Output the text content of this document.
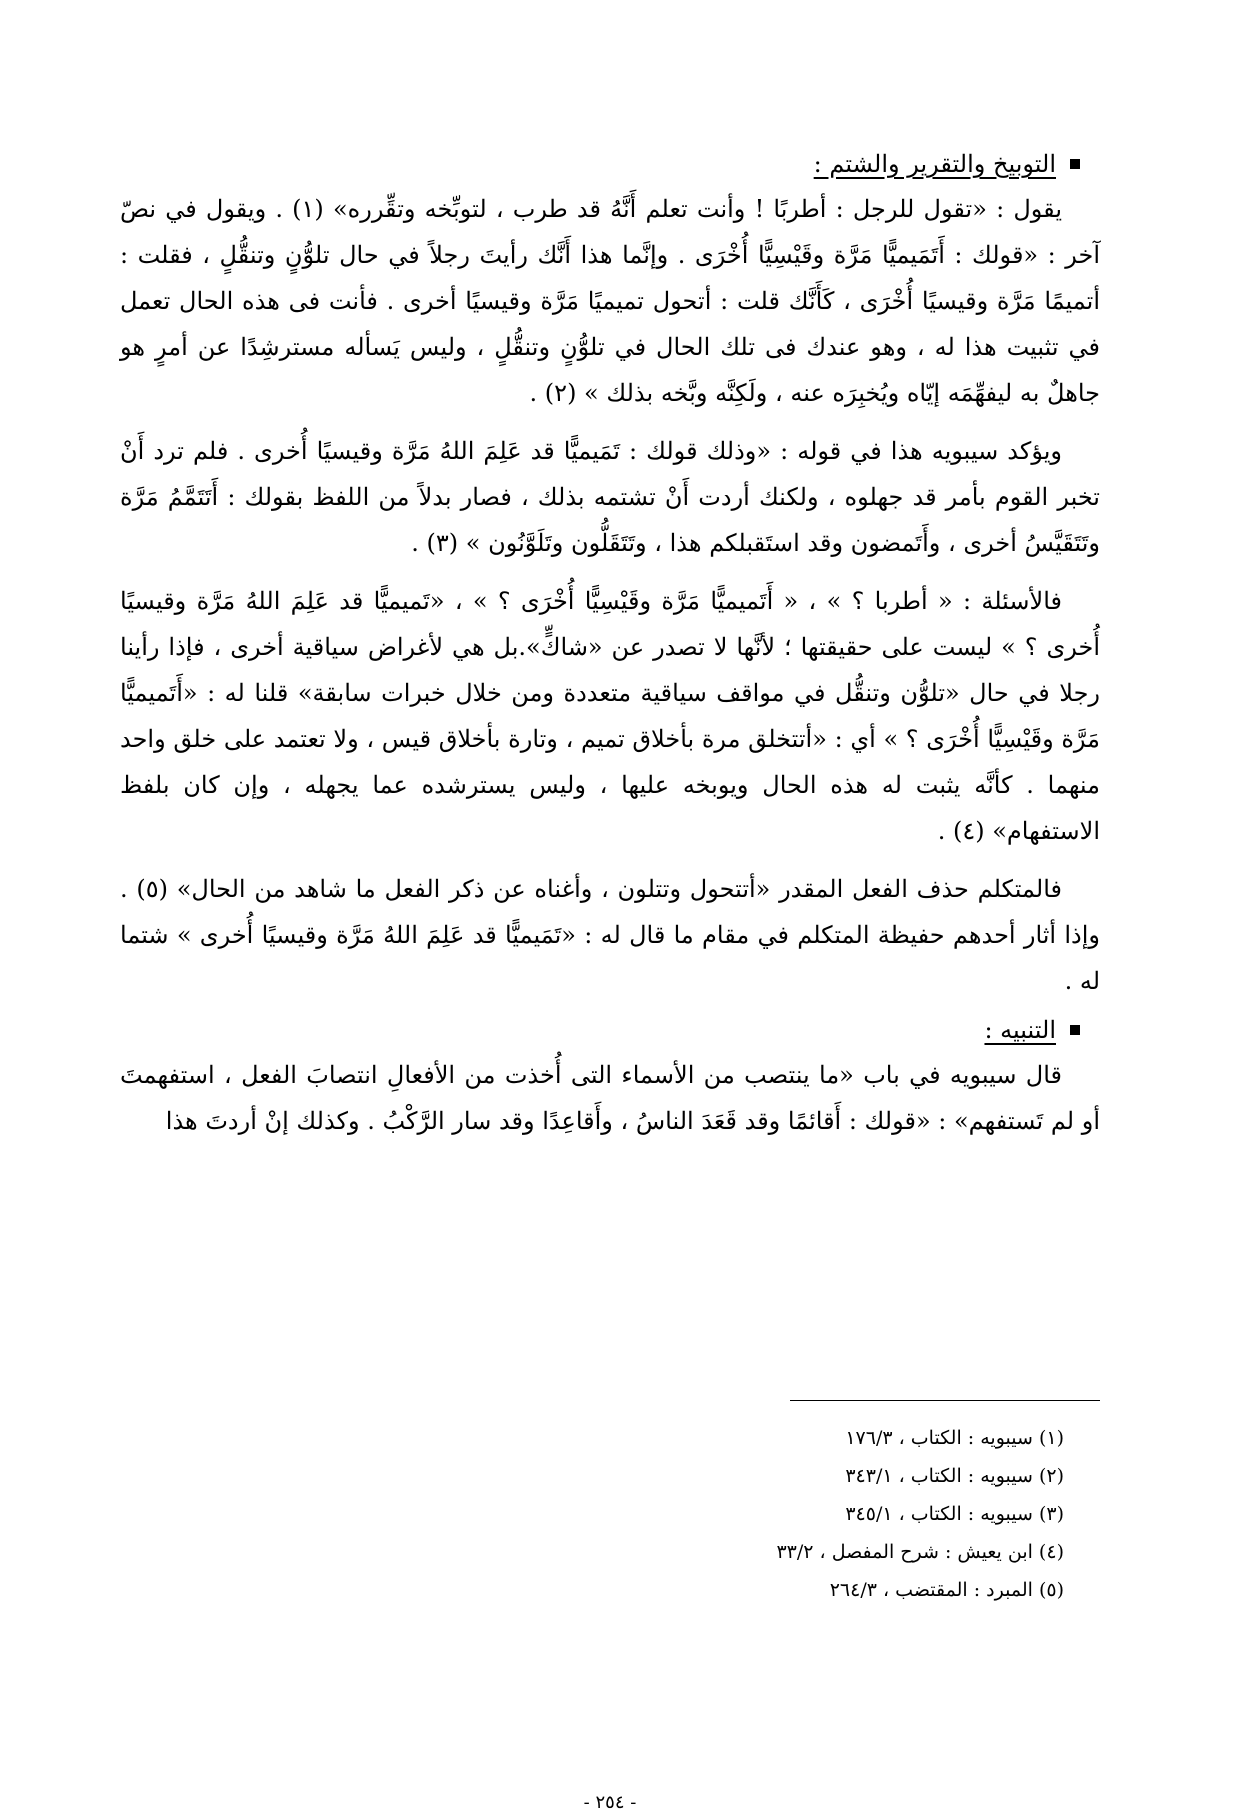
التوبيخ والتقرير والشتم :

يقول : «تقول للرجل : أطربًا ! وأنت تعلم أَنَّهُ قد طرب ، لتوبِّخه وتقِّرره» (١) . ويقول في نصّ آخر : «قولك : أَتَمَيميًّا مَرَّة وقَيْسِيًّا أُخْرَى . وإنَّما هذا أَنَّك رأيتَ رجلاً في حال تلوُّنٍ وتنقُّلٍ ، فقلت : أتميمًا مَرَّة وقيسيًا أُخْرَى ، كَأَنَّك قلت : أتحول تميميًا مَرَّة وقيسيًا أخرى . فأنت فى هذه الحال تعمل في تثبيت هذا له ، وهو عندك فى تلك الحال في تلوُّنٍ وتنقُّلٍ ، وليس يَسأله مسترشِدًا عن أمرٍ هو جاهلٌ به ليفهِّمَه إيّاه ويُخبِرَه عنه ، ولَكِنَّه وبَّخه بذلك » (٢) .

ويؤكد سيبويه هذا في قوله : «وذلك قولك : تَمَيميًّا قد عَلِمَ اللهُ مَرَّة وقيسيًا أُخرى . فلم ترد أَنْ تخبر القوم بأمر قد جهلوه ، ولكنك أردت أَنْ تشتمه بذلك ، فصار بدلاً من اللفظ بقولك : أَتَتَمَّمُ مَرَّة وتَتَقَيَّسُ أخرى ، وأَتَمضون وقد استَقبلكم هذا ، وتَتَقَلُّون وتَلَوَّنُون » (٣) .

فالأسئلة : « أطربا ؟ » ، « أَتَميميًّا مَرَّة وقَيْسِيًّا أُخْرَى ؟ » ، «تَميميًّا قد عَلِمَ اللهُ مَرَّة وقيسيًا أُخرى ؟ » ليست على حقيقتها ؛ لأنَّها لا تصدر عن «شاكٍّ».بل هي لأغراض سياقية أخرى ، فإذا رأينا رجلا في حال «تلوُّن وتنقُّل في مواقف سياقية متعددة ومن خلال خبرات سابقة» قلنا له : «أَتَميميًّا مَرَّة وقَيْسِيًّا أُخْرَى ؟ » أي : «أتتخلق مرة بأخلاق تميم ، وتارة بأخلاق قيس ، ولا تعتمد على خلق واحد منهما . كأنَّه يثبت له هذه الحال ويوبخه عليها ، وليس يسترشده عما يجهله ، وإن كان بلفظ الاستفهام» (٤) .

فالمتكلم حذف الفعل المقدر «أتتحول وتتلون ، وأغناه عن ذكر الفعل ما شاهد من الحال» (٥) . وإذا أثار أحدهم حفيظة المتكلم في مقام ما قال له : «تَمَيميًّا قد عَلِمَ اللهُ مَرَّة وقيسيًا أُخرى » شتما له .

التنبيه :

قال سيبويه في باب «ما ينتصب من الأسماء التى أُخذت من الأفعالِ انتصابَ الفعل ، استفهمتَ أو لم تَستفهم» : «قولك : أَقائمًا وقد قَعَدَ الناسُ ، وأَقاعِدًا وقد سار الرَّكْبُ . وكذلك إنْ أردتَ هذا

(١) سيبويه : الكتاب ، ١٧٦/٣
(٢) سيبويه : الكتاب ، ٣٤٣/١
(٣) سيبويه : الكتاب ، ٣٤٥/١
(٤) ابن يعيش : شرح المفصل ، ٣٣/٢
(٥) المبرد : المقتضب ، ٢٦٤/٣
- ٢٥٤ -
